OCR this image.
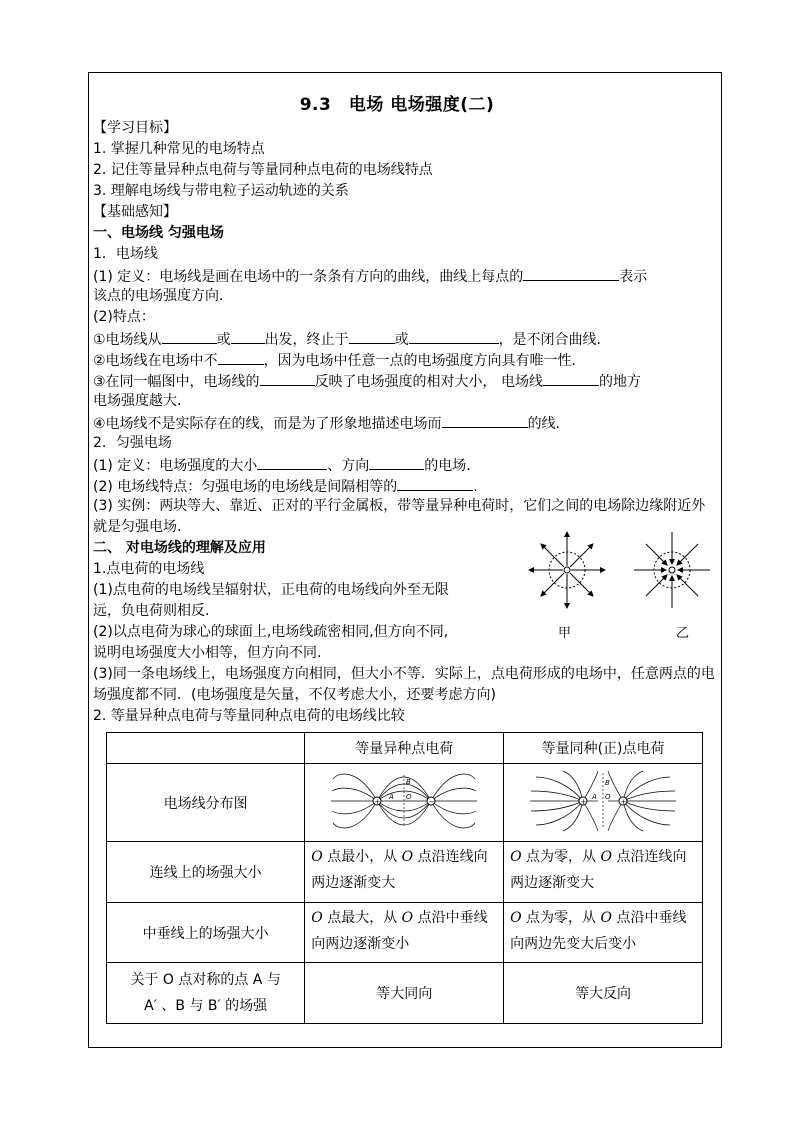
9.3　电场 电场强度(二)
【学习目标】
1. 掌握几种常见的电场特点
2. 记住等量异种点电荷与等量同种点电荷的电场线特点
3. 理解电场线与带电粒子运动轨迹的关系
【基础感知】
一、电场线 匀强电场
1．电场线
(1) 定义：电场线是画在电场中的一条条有方向的曲线，曲线上每点的	表示
该点的电场强度方向.
(2)特点：
①电场线从	或 出发，终止于	或	，是不闭合曲线.
②电场线在电场中不	，因为电场中任意一点的电场强度方向具有唯一性.
③在同一幅图中，电场线的	反映了电场强度的相对大小， 电场线	的地方
电场强度越大.
④电场线不是实际存在的线，而是为了形象地描述电场而	的线.
2．匀强电场
(1) 定义：电场强度的大小	、方向	的电场.
(2) 电场线特点：匀强电场的电场线是间隔相等的	.
(3) 实例：两块等大、靠近、正对的平行金属板，带等量异种电荷时，它们之间的电场除边缘附近外就是匀强电场.
二、 对电场线的理解及应用
1.点电荷的电场线
(1)点电荷的电场线呈辐射状，正电荷的电场线向外至无限
远，负电荷则相反.
(2)以点电荷为球心的球面上,电场线疏密相同,但方向不同,
说明电场强度大小相等，但方向不同.
(3)同一条电场线上，电场强度方向相同，但大小不等．实际上，点电荷形成的电场中，任意两点的电场强度都不同．(电场强度是矢量，不仅考虑大小，还要考虑方向)
2. 等量异种点电荷与等量同种点电荷的电场线比较
甲	乙
	等量异种点电荷	等量同种(正)点电荷
电场线分布图	+ −
B
O
A	+ +
B
O
A

连线上的场强大小	O 点最小，从 O 点沿连线向两边逐渐变大	O 点为零，从 O 点沿连线向两边逐渐变大
中垂线上的场强大小	O 点最大，从 O 点沿中垂线向两边逐渐变小	O 点为零，从 O 点沿中垂线向两边先变大后变小

关于 O 点对称的点 A 与
A′ 、B 与 B′ 的场强	等大同向	等大反向
